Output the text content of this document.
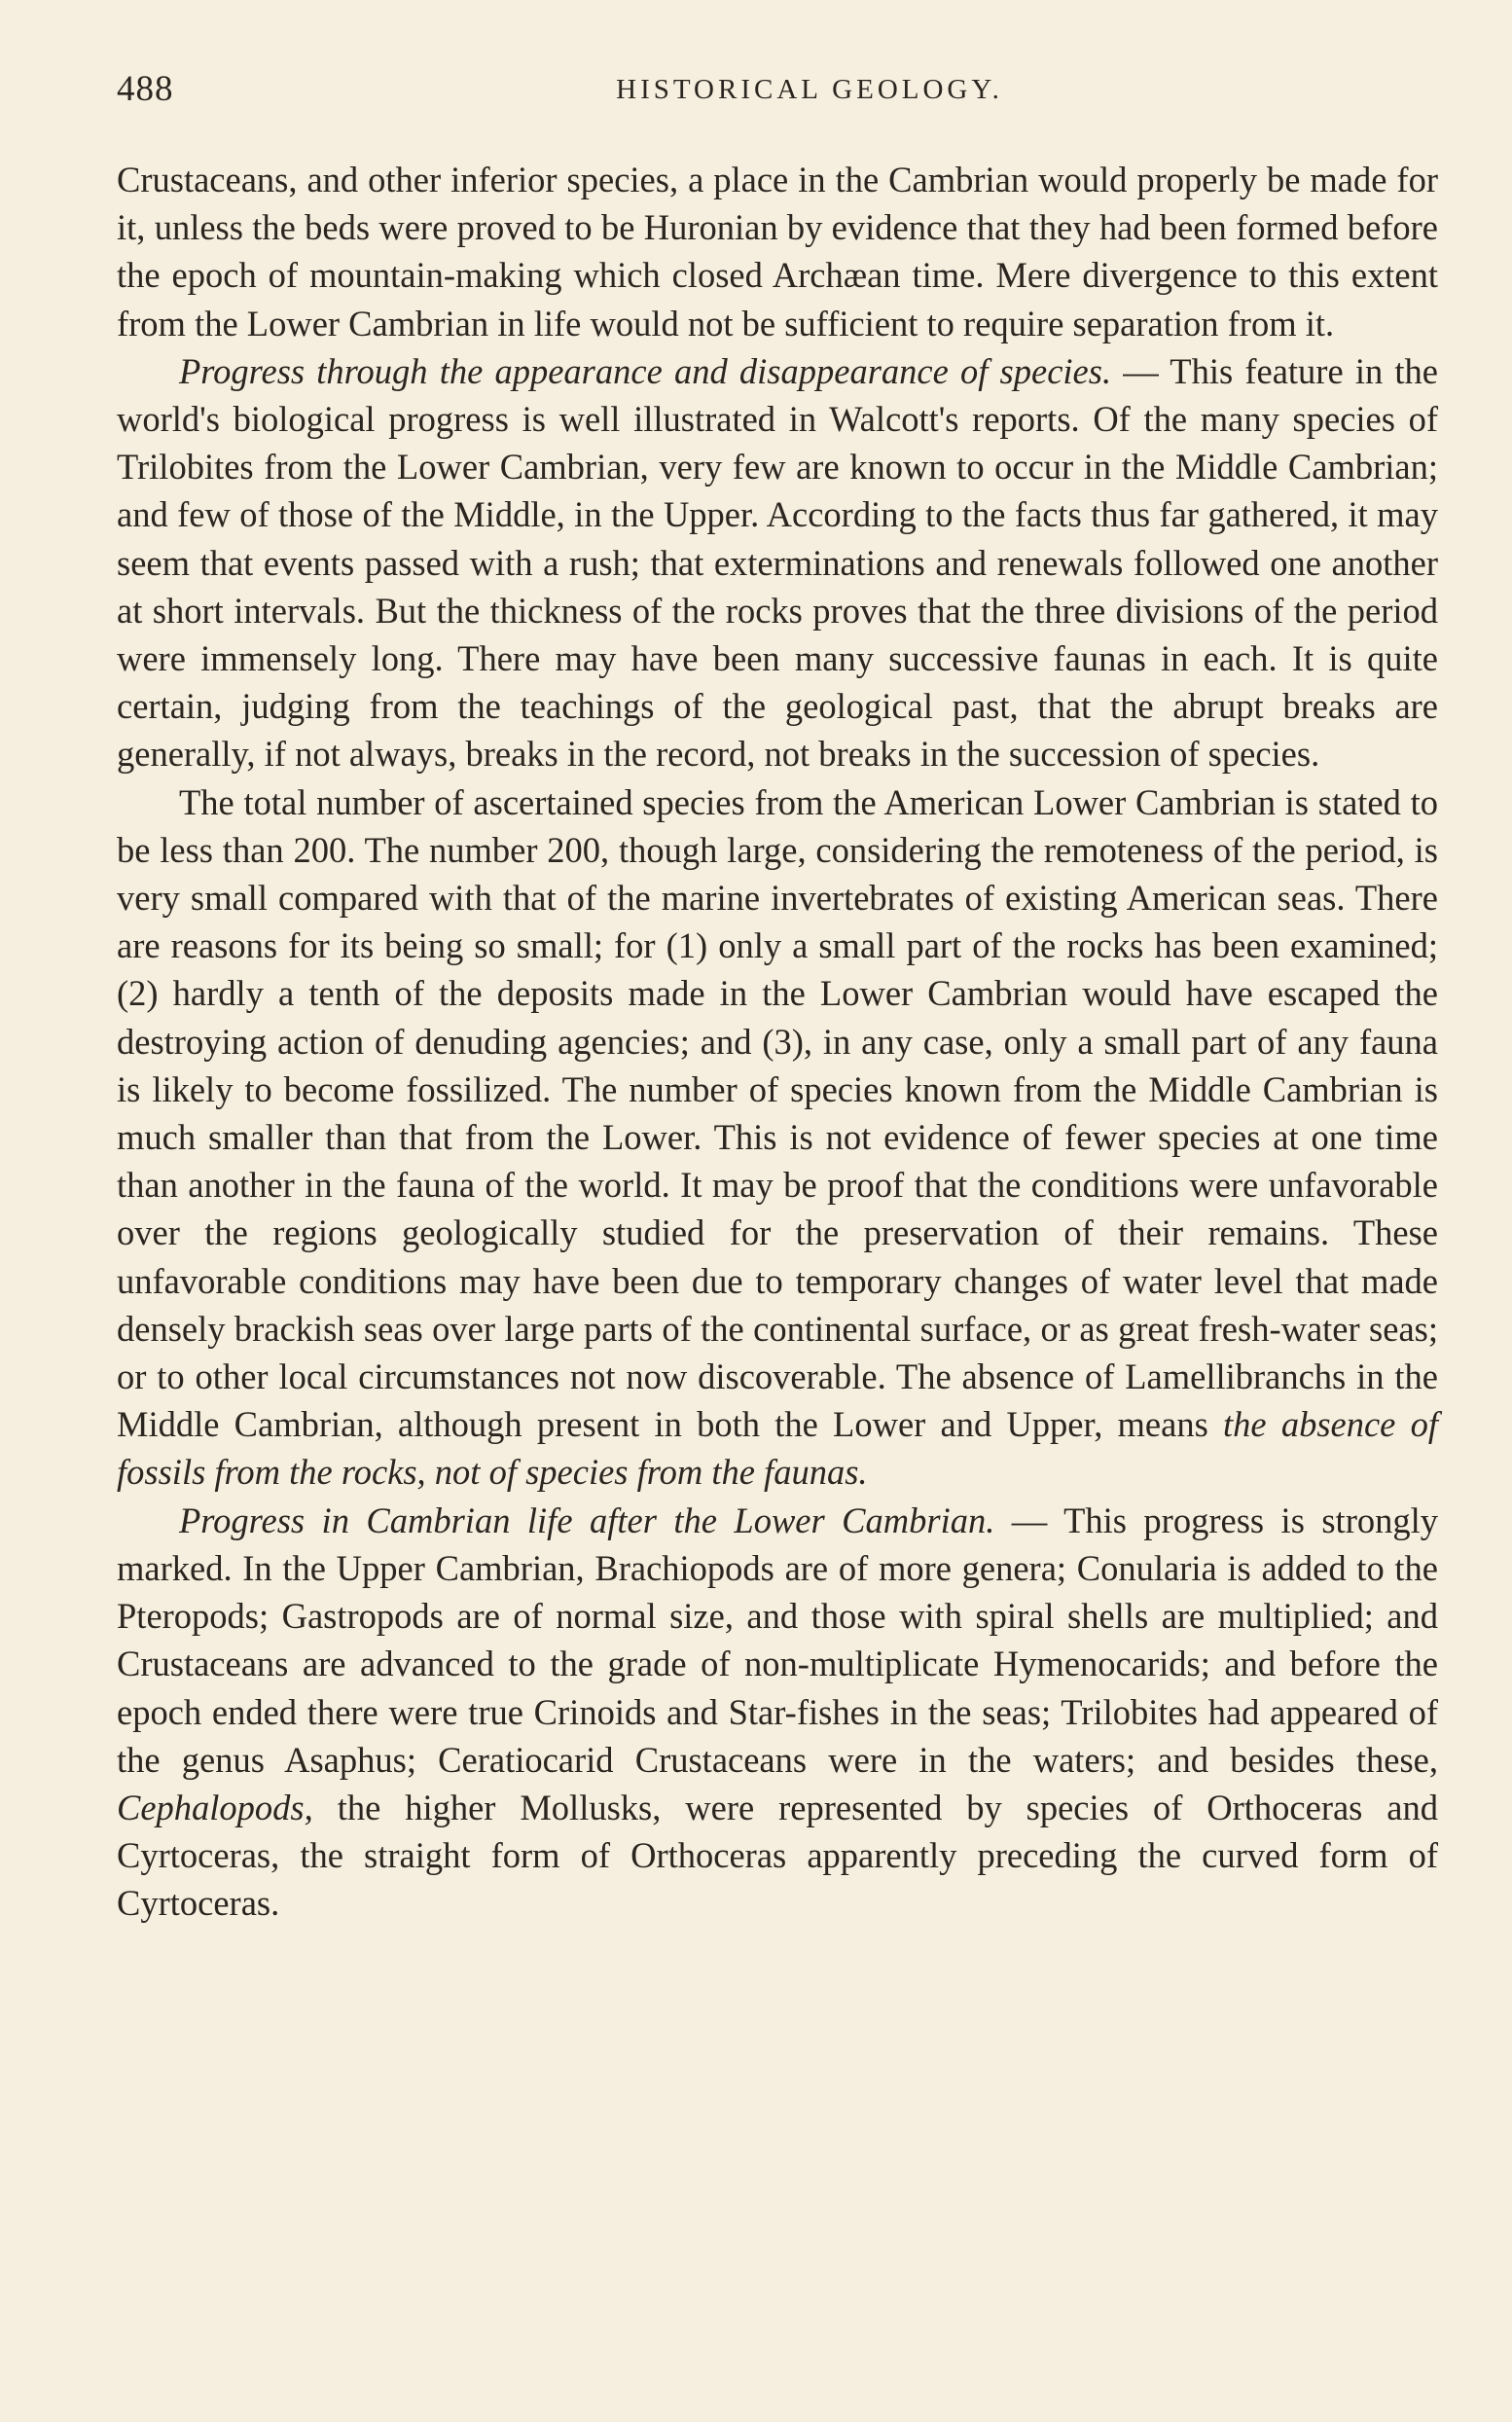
488	HISTORICAL GEOLOGY.

Crustaceans, and other inferior species, a place in the Cambrian would properly be made for it, unless the beds were proved to be Huronian by evidence that they had been formed before the epoch of mountain-making which closed Archæan time. Mere divergence to this extent from the Lower Cambrian in life would not be sufficient to require separation from it.

Progress through the appearance and disappearance of species. — This feature in the world's biological progress is well illustrated in Walcott's reports. Of the many species of Trilobites from the Lower Cambrian, very few are known to occur in the Middle Cambrian; and few of those of the Middle, in the Upper. According to the facts thus far gathered, it may seem that events passed with a rush; that exterminations and renewals followed one another at short intervals. But the thickness of the rocks proves that the three divisions of the period were immensely long. There may have been many successive faunas in each. It is quite certain, judging from the teachings of the geological past, that the abrupt breaks are generally, if not always, breaks in the record, not breaks in the succession of species.

The total number of ascertained species from the American Lower Cambrian is stated to be less than 200. The number 200, though large, considering the remoteness of the period, is very small compared with that of the marine invertebrates of existing American seas. There are reasons for its being so small; for (1) only a small part of the rocks has been examined; (2) hardly a tenth of the deposits made in the Lower Cambrian would have escaped the destroying action of denuding agencies; and (3), in any case, only a small part of any fauna is likely to become fossilized. The number of species known from the Middle Cambrian is much smaller than that from the Lower. This is not evidence of fewer species at one time than another in the fauna of the world. It may be proof that the conditions were unfavorable over the regions geologically studied for the preservation of their remains. These unfavorable conditions may have been due to temporary changes of water level that made densely brackish seas over large parts of the continental surface, or as great fresh-water seas; or to other local circumstances not now discoverable. The absence of Lamellibranchs in the Middle Cambrian, although present in both the Lower and Upper, means the absence of fossils from the rocks, not of species from the faunas.

Progress in Cambrian life after the Lower Cambrian. — This progress is strongly marked. In the Upper Cambrian, Brachiopods are of more genera; Conularia is added to the Pteropods; Gastropods are of normal size, and those with spiral shells are multiplied; and Crustaceans are advanced to the grade of non-multiplicate Hymenocarids; and before the epoch ended there were true Crinoids and Star-fishes in the seas; Trilobites had appeared of the genus Asaphus; Ceratiocarid Crustaceans were in the waters; and besides these, Cephalopods, the higher Mollusks, were represented by species of Orthoceras and Cyrtoceras, the straight form of Orthoceras apparently preceding the curved form of Cyrtoceras.
